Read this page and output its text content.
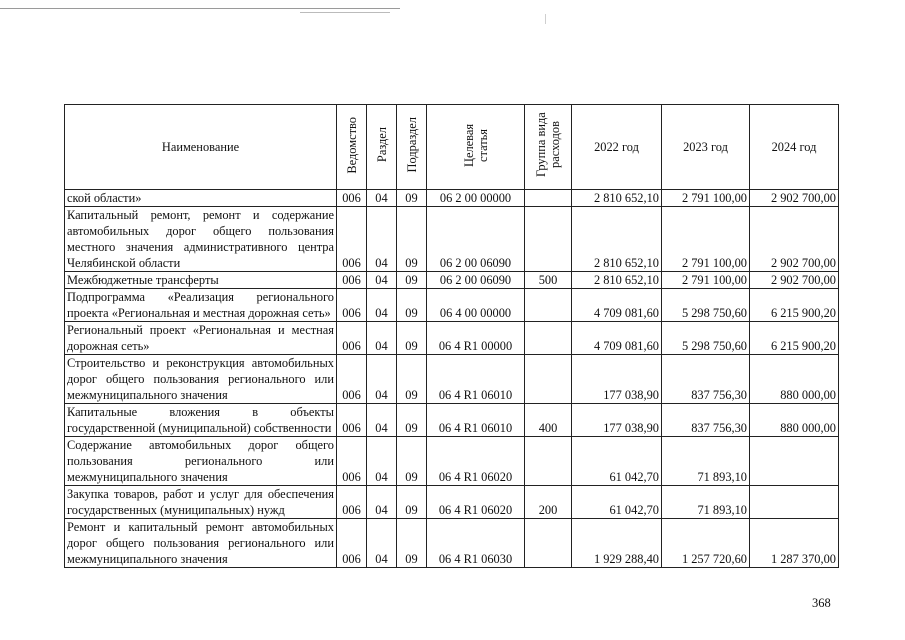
Наименование	Ведомство	Раздел	Подраздел	Целевая статья	Группа вида расходов	2022 год	2023 год	2024 год
ской области»	006	04	09	06 2 00 00000		2 810 652,10	2 791 100,00	2 902 700,00
Капитальный ремонт, ремонт и содержание автомобильных дорог общего пользования местного значения административного центра Челябинской области	006	04	09	06 2 00 06090		2 810 652,10	2 791 100,00	2 902 700,00
Межбюджетные трансферты	006	04	09	06 2 00 06090	500	2 810 652,10	2 791 100,00	2 902 700,00
Подпрограмма «Реализация регионального проекта «Региональная и местная дорожная сеть»	006	04	09	06 4 00 00000		4 709 081,60	5 298 750,60	6 215 900,20
Региональный проект «Региональная и местная дорожная сеть»	006	04	09	06 4 R1 00000		4 709 081,60	5 298 750,60	6 215 900,20
Строительство и реконструкция автомобильных дорог общего пользования регионального или межмуниципального значения	006	04	09	06 4 R1 06010		177 038,90	837 756,30	880 000,00
Капитальные вложения в объекты государственной (муниципальной) собственности	006	04	09	06 4 R1 06010	400	177 038,90	837 756,30	880 000,00
Содержание автомобильных дорог общего пользования регионального или межмуниципального значения	006	04	09	06 4 R1 06020		61 042,70	71 893,10	
Закупка товаров, работ и услуг для обеспечения государственных (муниципальных) нужд	006	04	09	06 4 R1 06020	200	61 042,70	71 893,10	
Ремонт и капитальный ремонт автомобильных дорог общего пользования регионального или межмуниципального значения	006	04	09	06 4 R1 06030		1 929 288,40	1 257 720,60	1 287 370,00
368
